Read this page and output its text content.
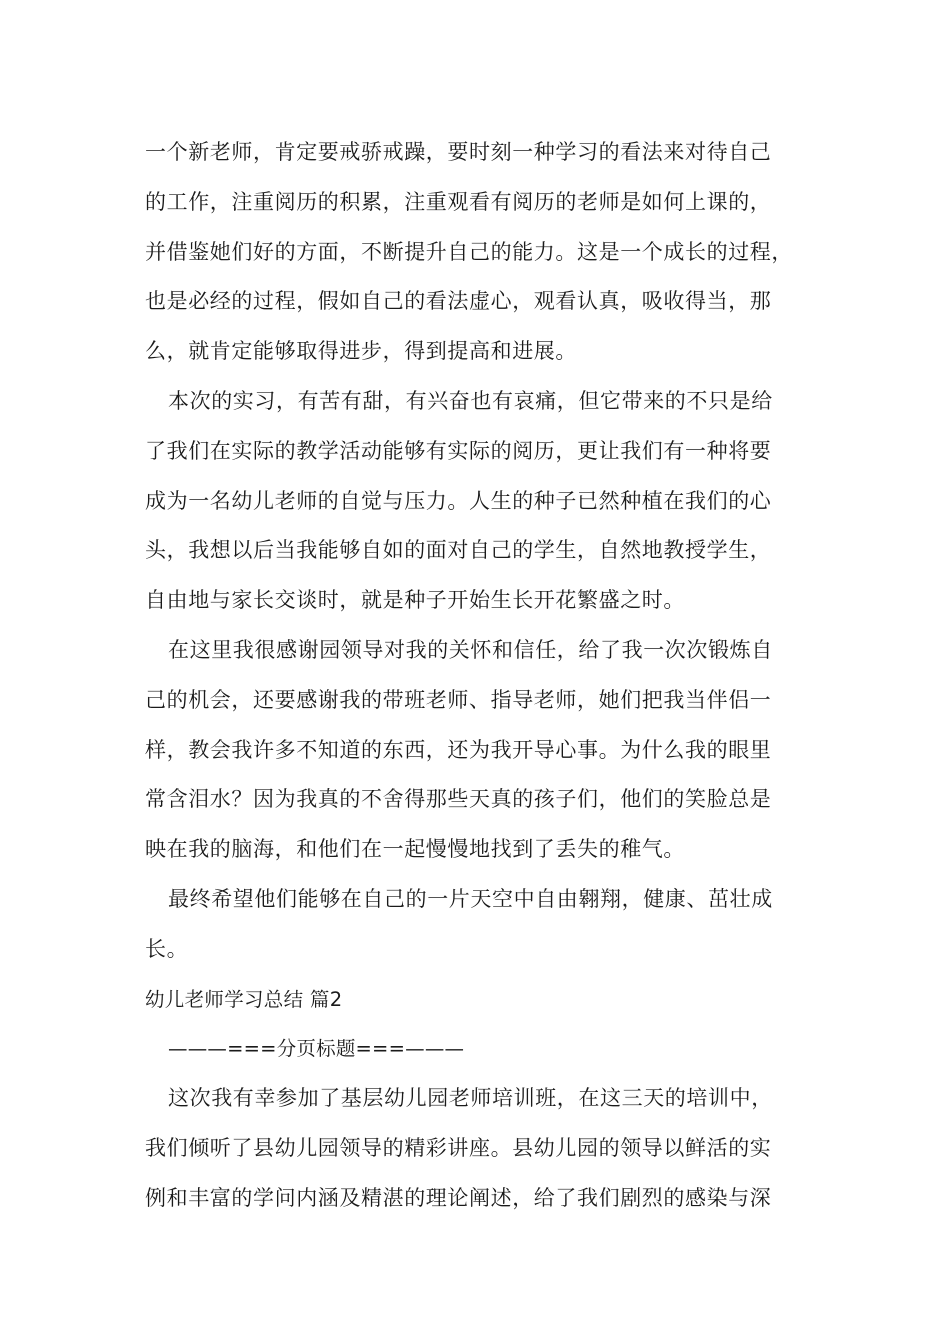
一个新老师，肯定要戒骄戒躁，要时刻一种学习的看法来对待自己
的工作，注重阅历的积累，注重观看有阅历的老师是如何上课的，
并借鉴她们好的方面，不断提升自己的能力。这是一个成长的过程，
也是必经的过程，假如自己的看法虚心，观看认真，吸收得当，那
么，就肯定能够取得进步，得到提高和进展。
本次的实习，有苦有甜，有兴奋也有哀痛，但它带来的不只是给
了我们在实际的教学活动能够有实际的阅历，更让我们有一种将要
成为一名幼儿老师的自觉与压力。人生的种子已然种植在我们的心
头，我想以后当我能够自如的面对自己的学生，自然地教授学生，
自由地与家长交谈时，就是种子开始生长开花繁盛之时。
在这里我很感谢园领导对我的关怀和信任，给了我一次次锻炼自
己的机会，还要感谢我的带班老师、指导老师，她们把我当伴侣一
样，教会我许多不知道的东西，还为我开导心事。为什么我的眼里
常含泪水？因为我真的不舍得那些天真的孩子们，他们的笑脸总是
映在我的脑海，和他们在一起慢慢地找到了丢失的稚气。
最终希望他们能够在自己的一片天空中自由翱翔，健康、茁壮成
长。
幼儿老师学习总结 篇2
———===分页标题===———
这次我有幸参加了基层幼儿园老师培训班，在这三天的培训中，
我们倾听了县幼儿园领导的精彩讲座。县幼儿园的领导以鲜活的实
例和丰富的学问内涵及精湛的理论阐述，给了我们剧烈的感染与深
